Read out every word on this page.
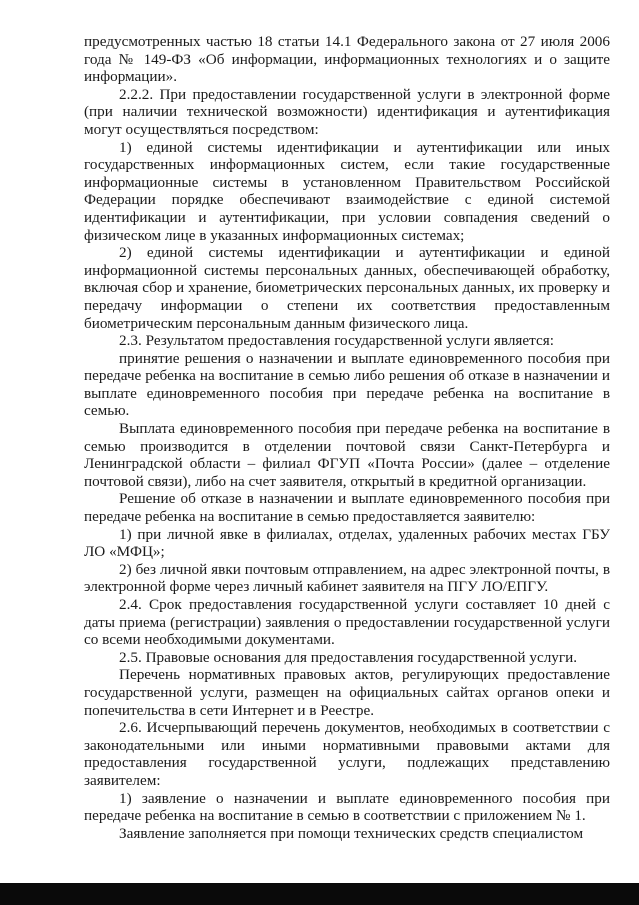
предусмотренных частью 18 статьи 14.1 Федерального закона от 27 июля 2006 года № 149-ФЗ «Об информации, информационных технологиях и о защите информации».

2.2.2. При предоставлении государственной услуги в электронной форме (при наличии технической возможности) идентификация и аутентификация могут осуществляться посредством:

1) единой системы идентификации и аутентификации или иных государственных информационных систем, если такие государственные информационные системы в установленном Правительством Российской Федерации порядке обеспечивают взаимодействие с единой системой идентификации и аутентификации, при условии совпадения сведений о физическом лице в указанных информационных системах;

2) единой системы идентификации и аутентификации и единой информационной системы персональных данных, обеспечивающей обработку, включая сбор и хранение, биометрических персональных данных, их проверку и передачу информации о степени их соответствия предоставленным биометрическим персональным данным физического лица.

2.3. Результатом предоставления государственной услуги является:

принятие решения о назначении и выплате единовременного пособия при передаче ребенка на воспитание в семью либо решения об отказе в назначении и выплате единовременного пособия при передаче ребенка на воспитание в семью.

Выплата единовременного пособия при передаче ребенка на воспитание в семью производится в отделении почтовой связи Санкт-Петербурга и Ленинградской области – филиал ФГУП «Почта России» (далее – отделение почтовой связи), либо на счет заявителя, открытый в кредитной организации.

Решение об отказе в назначении и выплате единовременного пособия при передаче ребенка на воспитание в семью предоставляется заявителю:

1) при личной явке в филиалах, отделах, удаленных рабочих местах ГБУ ЛО «МФЦ»;

2) без личной явки почтовым отправлением, на адрес электронной почты, в электронной форме через личный кабинет заявителя на ПГУ ЛО/ЕПГУ.

2.4. Срок предоставления государственной услуги составляет 10 дней с даты приема (регистрации) заявления о предоставлении государственной услуги со всеми необходимыми документами.

2.5. Правовые основания для предоставления государственной услуги.

Перечень нормативных правовых актов, регулирующих предоставление государственной услуги, размещен на официальных сайтах органов опеки и попечительства в сети Интернет и в Реестре.

2.6. Исчерпывающий перечень документов, необходимых в соответствии с законодательными или иными нормативными правовыми актами для предоставления государственной услуги, подлежащих представлению заявителем:

1) заявление о назначении и выплате единовременного пособия при передаче ребенка на воспитание в семью в соответствии с приложением № 1.

Заявление заполняется при помощи технических средств специалистом
